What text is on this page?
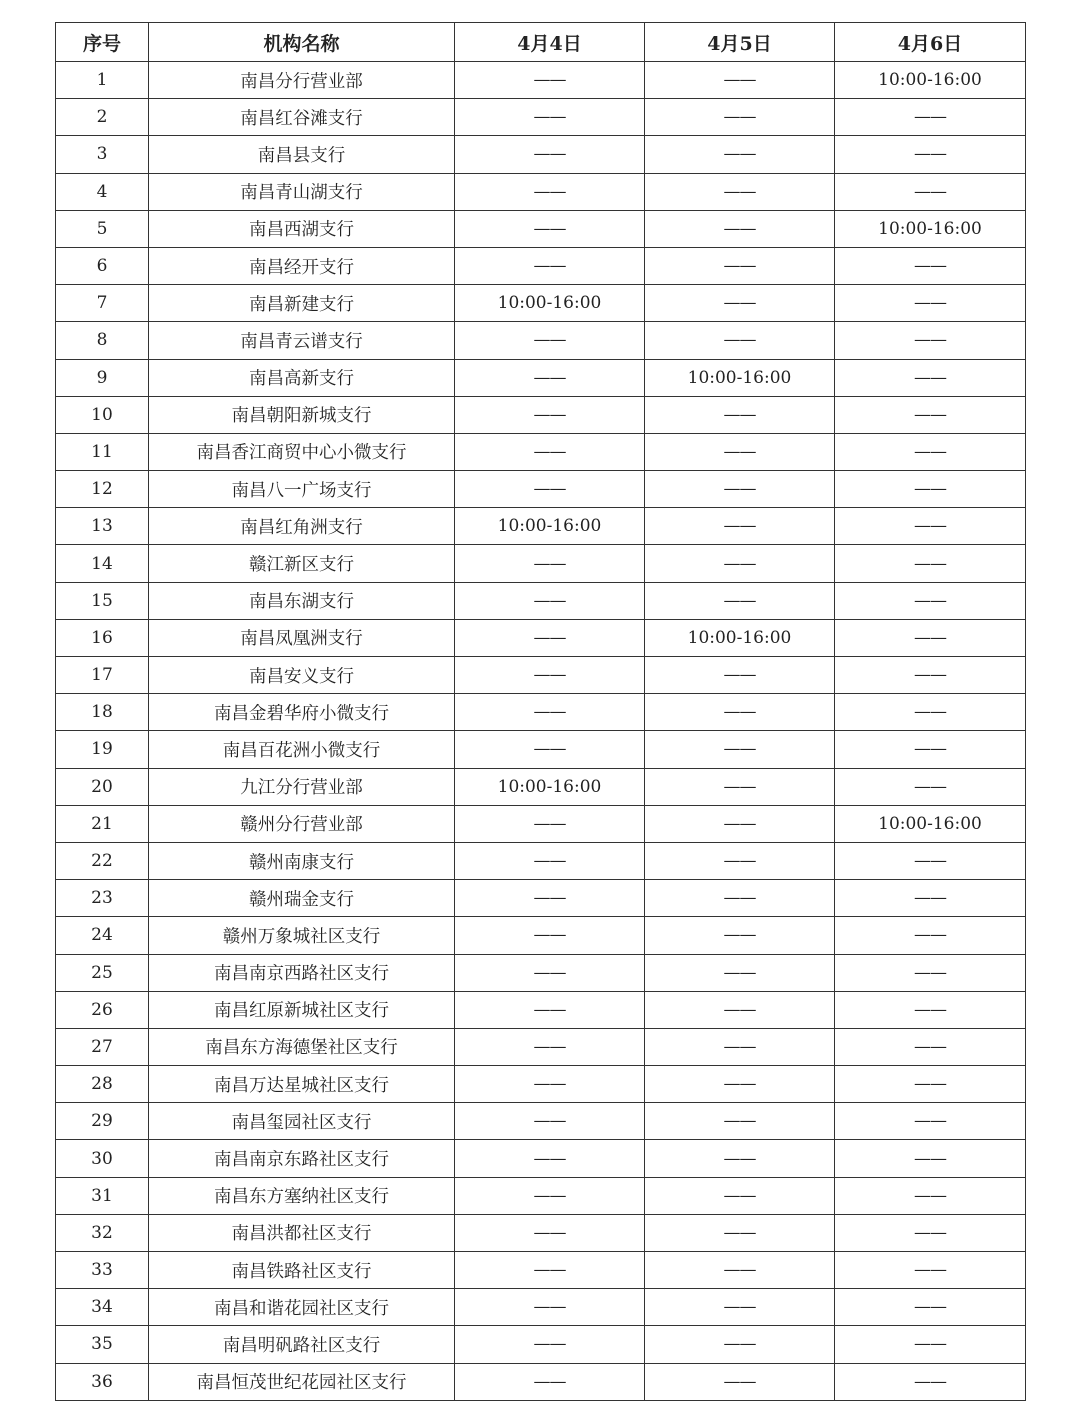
序号	机构名称	4月4日	4月5日	4月6日
1	南昌分行营业部	——	——	10:00-16:00
2	南昌红谷滩支行	——	——	——
3	南昌县支行	——	——	——
4	南昌青山湖支行	——	——	——
5	南昌西湖支行	——	——	10:00-16:00
6	南昌经开支行	——	——	——
7	南昌新建支行	10:00-16:00	——	——
8	南昌青云谱支行	——	——	——
9	南昌高新支行	——	10:00-16:00	——
10	南昌朝阳新城支行	——	——	——
11	南昌香江商贸中心小微支行	——	——	——
12	南昌八一广场支行	——	——	——
13	南昌红角洲支行	10:00-16:00	——	——
14	赣江新区支行	——	——	——
15	南昌东湖支行	——	——	——
16	南昌凤凰洲支行	——	10:00-16:00	——
17	南昌安义支行	——	——	——
18	南昌金碧华府小微支行	——	——	——
19	南昌百花洲小微支行	——	——	——
20	九江分行营业部	10:00-16:00	——	——
21	赣州分行营业部	——	——	10:00-16:00
22	赣州南康支行	——	——	——
23	赣州瑞金支行	——	——	——
24	赣州万象城社区支行	——	——	——
25	南昌南京西路社区支行	——	——	——
26	南昌红原新城社区支行	——	——	——
27	南昌东方海德堡社区支行	——	——	——
28	南昌万达星城社区支行	——	——	——
29	南昌玺园社区支行	——	——	——
30	南昌南京东路社区支行	——	——	——
31	南昌东方塞纳社区支行	——	——	——
32	南昌洪都社区支行	——	——	——
33	南昌铁路社区支行	——	——	——
34	南昌和谐花园社区支行	——	——	——
35	南昌明矾路社区支行	——	——	——
36	南昌恒茂世纪花园社区支行	——	——	——
